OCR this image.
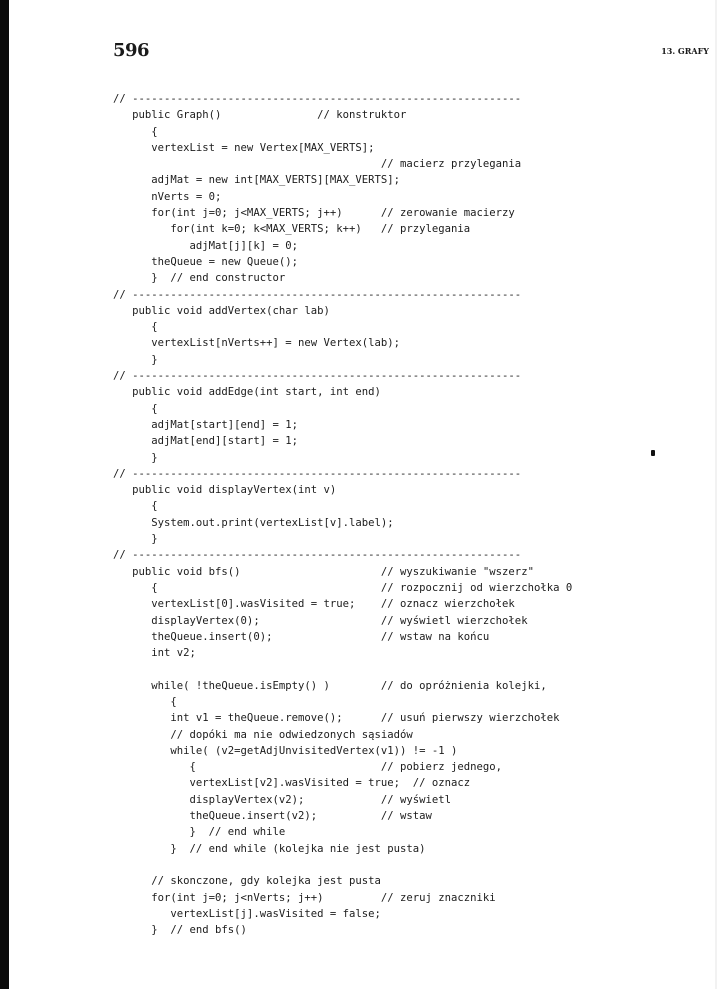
596	13. GRAFY
// -------------------------------------------------------------
public Graph()               // konstruktor
{
vertexList = new Vertex[MAX_VERTS];
// macierz przylegania
adjMat = new int[MAX_VERTS][MAX_VERTS];
nVerts = 0;
for(int j=0; j<MAX_VERTS; j++)      // zerowanie macierzy
for(int k=0; k<MAX_VERTS; k++)   // przylegania
adjMat[j][k] = 0;
theQueue = new Queue();
}  // end constructor
// -------------------------------------------------------------
public void addVertex(char lab)
{
vertexList[nVerts++] = new Vertex(lab);
}
// -------------------------------------------------------------
public void addEdge(int start, int end)
{
adjMat[start][end] = 1;
adjMat[end][start] = 1;
}
// -------------------------------------------------------------
public void displayVertex(int v)
{
System.out.print(vertexList[v].label);
}
// -------------------------------------------------------------
public void bfs()                      // wyszukiwanie "wszerz"
{                                   // rozpocznij od wierzchołka 0
vertexList[0].wasVisited = true;    // oznacz wierzchołek
displayVertex(0);                   // wyświetl wierzchołek
theQueue.insert(0);                 // wstaw na końcu
int v2;
while( !theQueue.isEmpty() )        // do opróżnienia kolejki,
{
int v1 = theQueue.remove();      // usuń pierwszy wierzchołek
// dopóki ma nie odwiedzonych sąsiadów
while( (v2=getAdjUnvisitedVertex(v1)) != -1 )
{                             // pobierz jednego,
vertexList[v2].wasVisited = true;  // oznacz
displayVertex(v2);            // wyświetl
theQueue.insert(v2);          // wstaw
}  // end while
}  // end while (kolejka nie jest pusta)
// skonczone, gdy kolejka jest pusta
for(int j=0; j<nVerts; j++)         // zeruj znaczniki
vertexList[j].wasVisited = false;
}  // end bfs()
